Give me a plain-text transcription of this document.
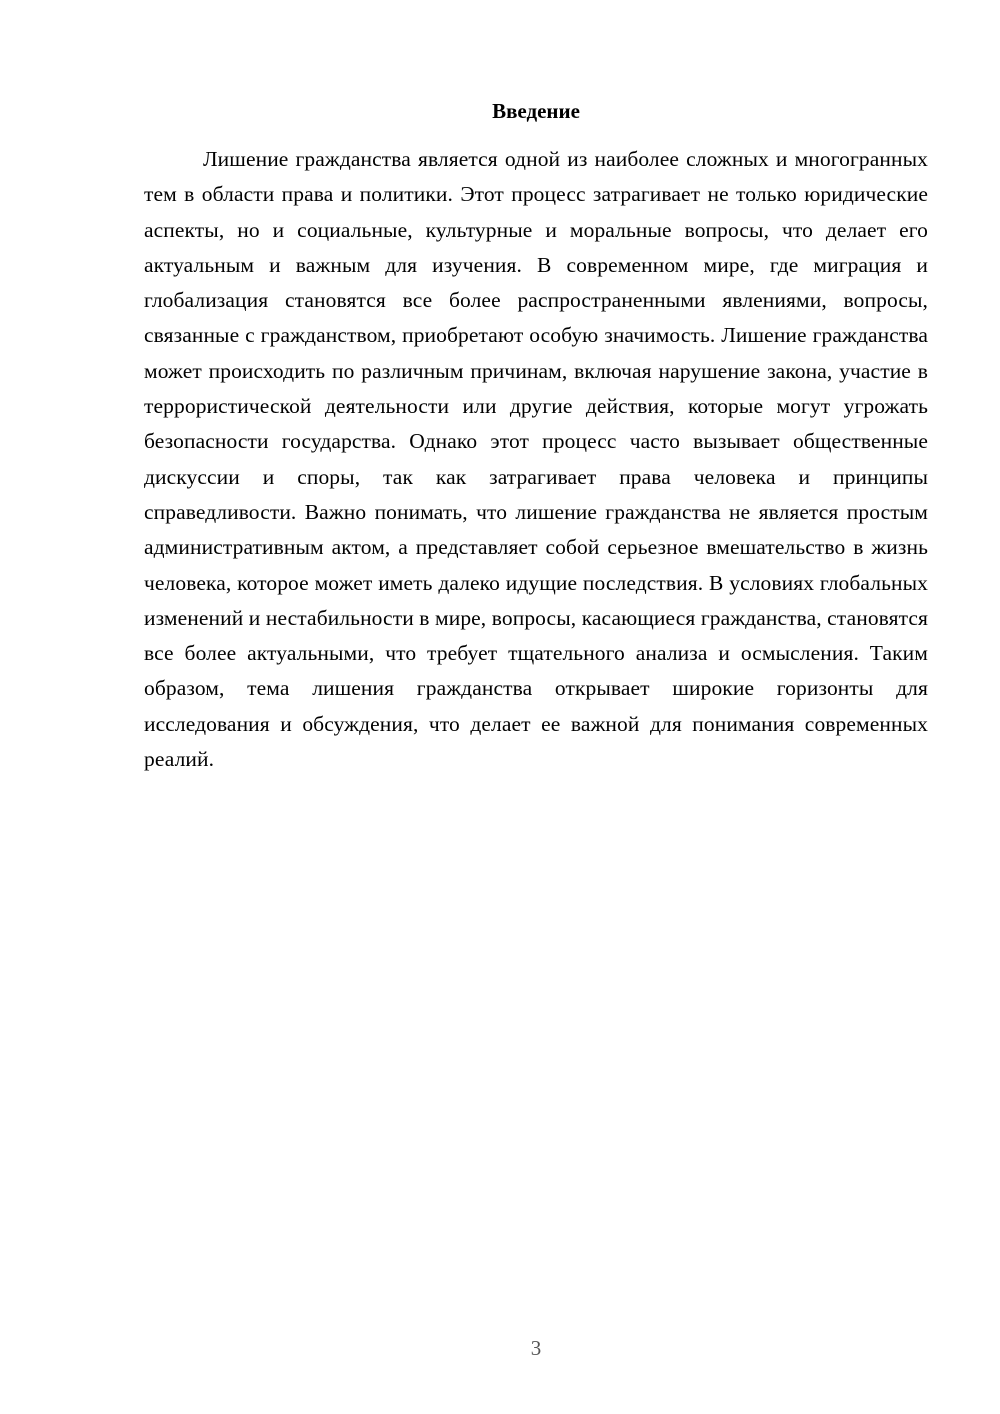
Введение

Лишение гражданства является одной из наиболее сложных и многогранных тем в области права и политики. Этот процесс затрагивает не только юридические аспекты, но и социальные, культурные и моральные вопросы, что делает его актуальным и важным для изучения. В современном мире, где миграция и глобализация становятся все более распространенными явлениями, вопросы, связанные с гражданством, приобретают особую значимость. Лишение гражданства может происходить по различным причинам, включая нарушение закона, участие в террористической деятельности или другие действия, которые могут угрожать безопасности государства. Однако этот процесс часто вызывает общественные дискуссии и споры, так как затрагивает права человека и принципы справедливости. Важно понимать, что лишение гражданства не является простым административным актом, а представляет собой серьезное вмешательство в жизнь человека, которое может иметь далеко идущие последствия. В условиях глобальных изменений и нестабильности в мире, вопросы, касающиеся гражданства, становятся все более актуальными, что требует тщательного анализа и осмысления. Таким образом, тема лишения гражданства открывает широкие горизонты для исследования и обсуждения, что делает ее важной для понимания современных реалий.

3
